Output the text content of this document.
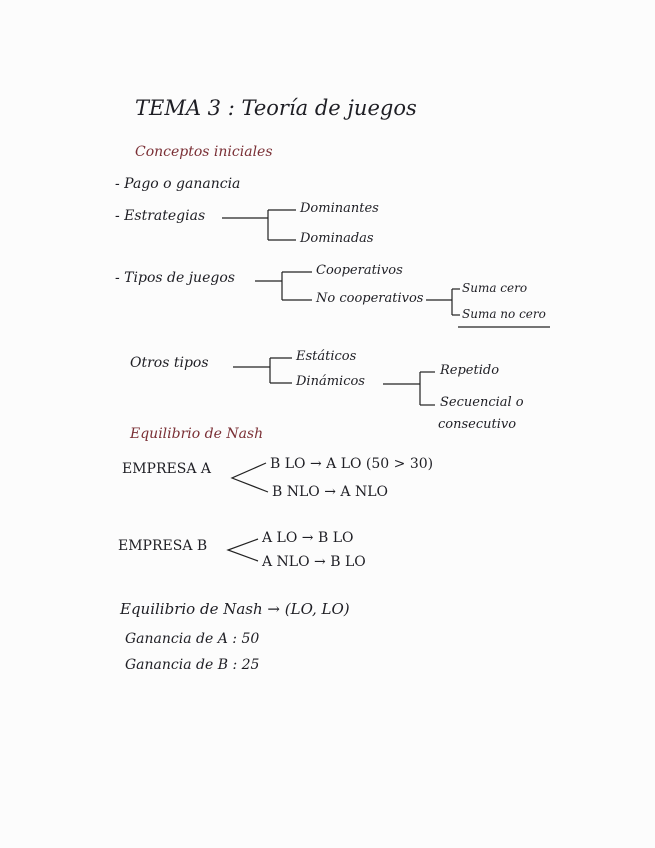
TEMA 3 : Teoría de juegos
Conceptos iniciales
- Pago o ganancia
- Estrategias	Dominantes
Dominadas
- Tipos de juegos	Cooperativos
No cooperativos
Suma cero
Suma no cero
Otros tipos	Estáticos
Dinámicos
Repetido
Secuencial o
consecutivo
Equilibrio de Nash
EMPRESA A	B LO → A LO (50 > 30)
B NLO → A NLO
EMPRESA B	A LO → B LO
A NLO → B LO
Equilibrio de Nash → (LO, LO)
Ganancia de A : 50
Ganancia de B : 25
